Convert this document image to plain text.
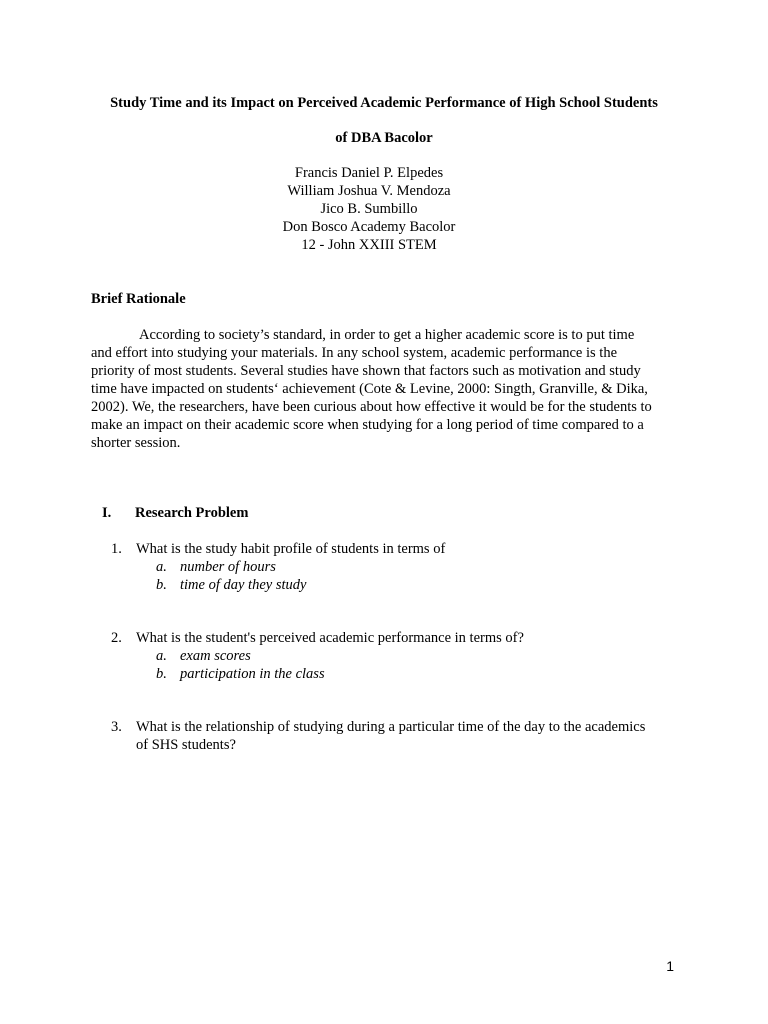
Study Time and its Impact on Perceived Academic Performance of High School Students
of DBA Bacolor
Francis Daniel P. Elpedes
William Joshua V. Mendoza
Jico B. Sumbillo
Don Bosco Academy Bacolor
12 - John XXIII STEM
Brief Rationale
According to society’s standard, in order to get a higher academic score is to put time
and effort into studying your materials. In any school system, academic performance is the
priority of most students. Several studies have shown that factors such as motivation and study
time have impacted on students‘ achievement (Cote & Levine, 2000: Singth, Granville, & Dika,
2002). We, the researchers, have been curious about how effective it would be for the students to
make an impact on their academic score when studying for a long period of time compared to a
shorter session.
I. Research Problem
1. What is the study habit profile of students in terms of
a. number of hours
b. time of day they study
2. What is the student's perceived academic performance in terms of?
a. exam scores
b. participation in the class
3. What is the relationship of studying during a particular time of the day to the academics
of SHS students?
1
